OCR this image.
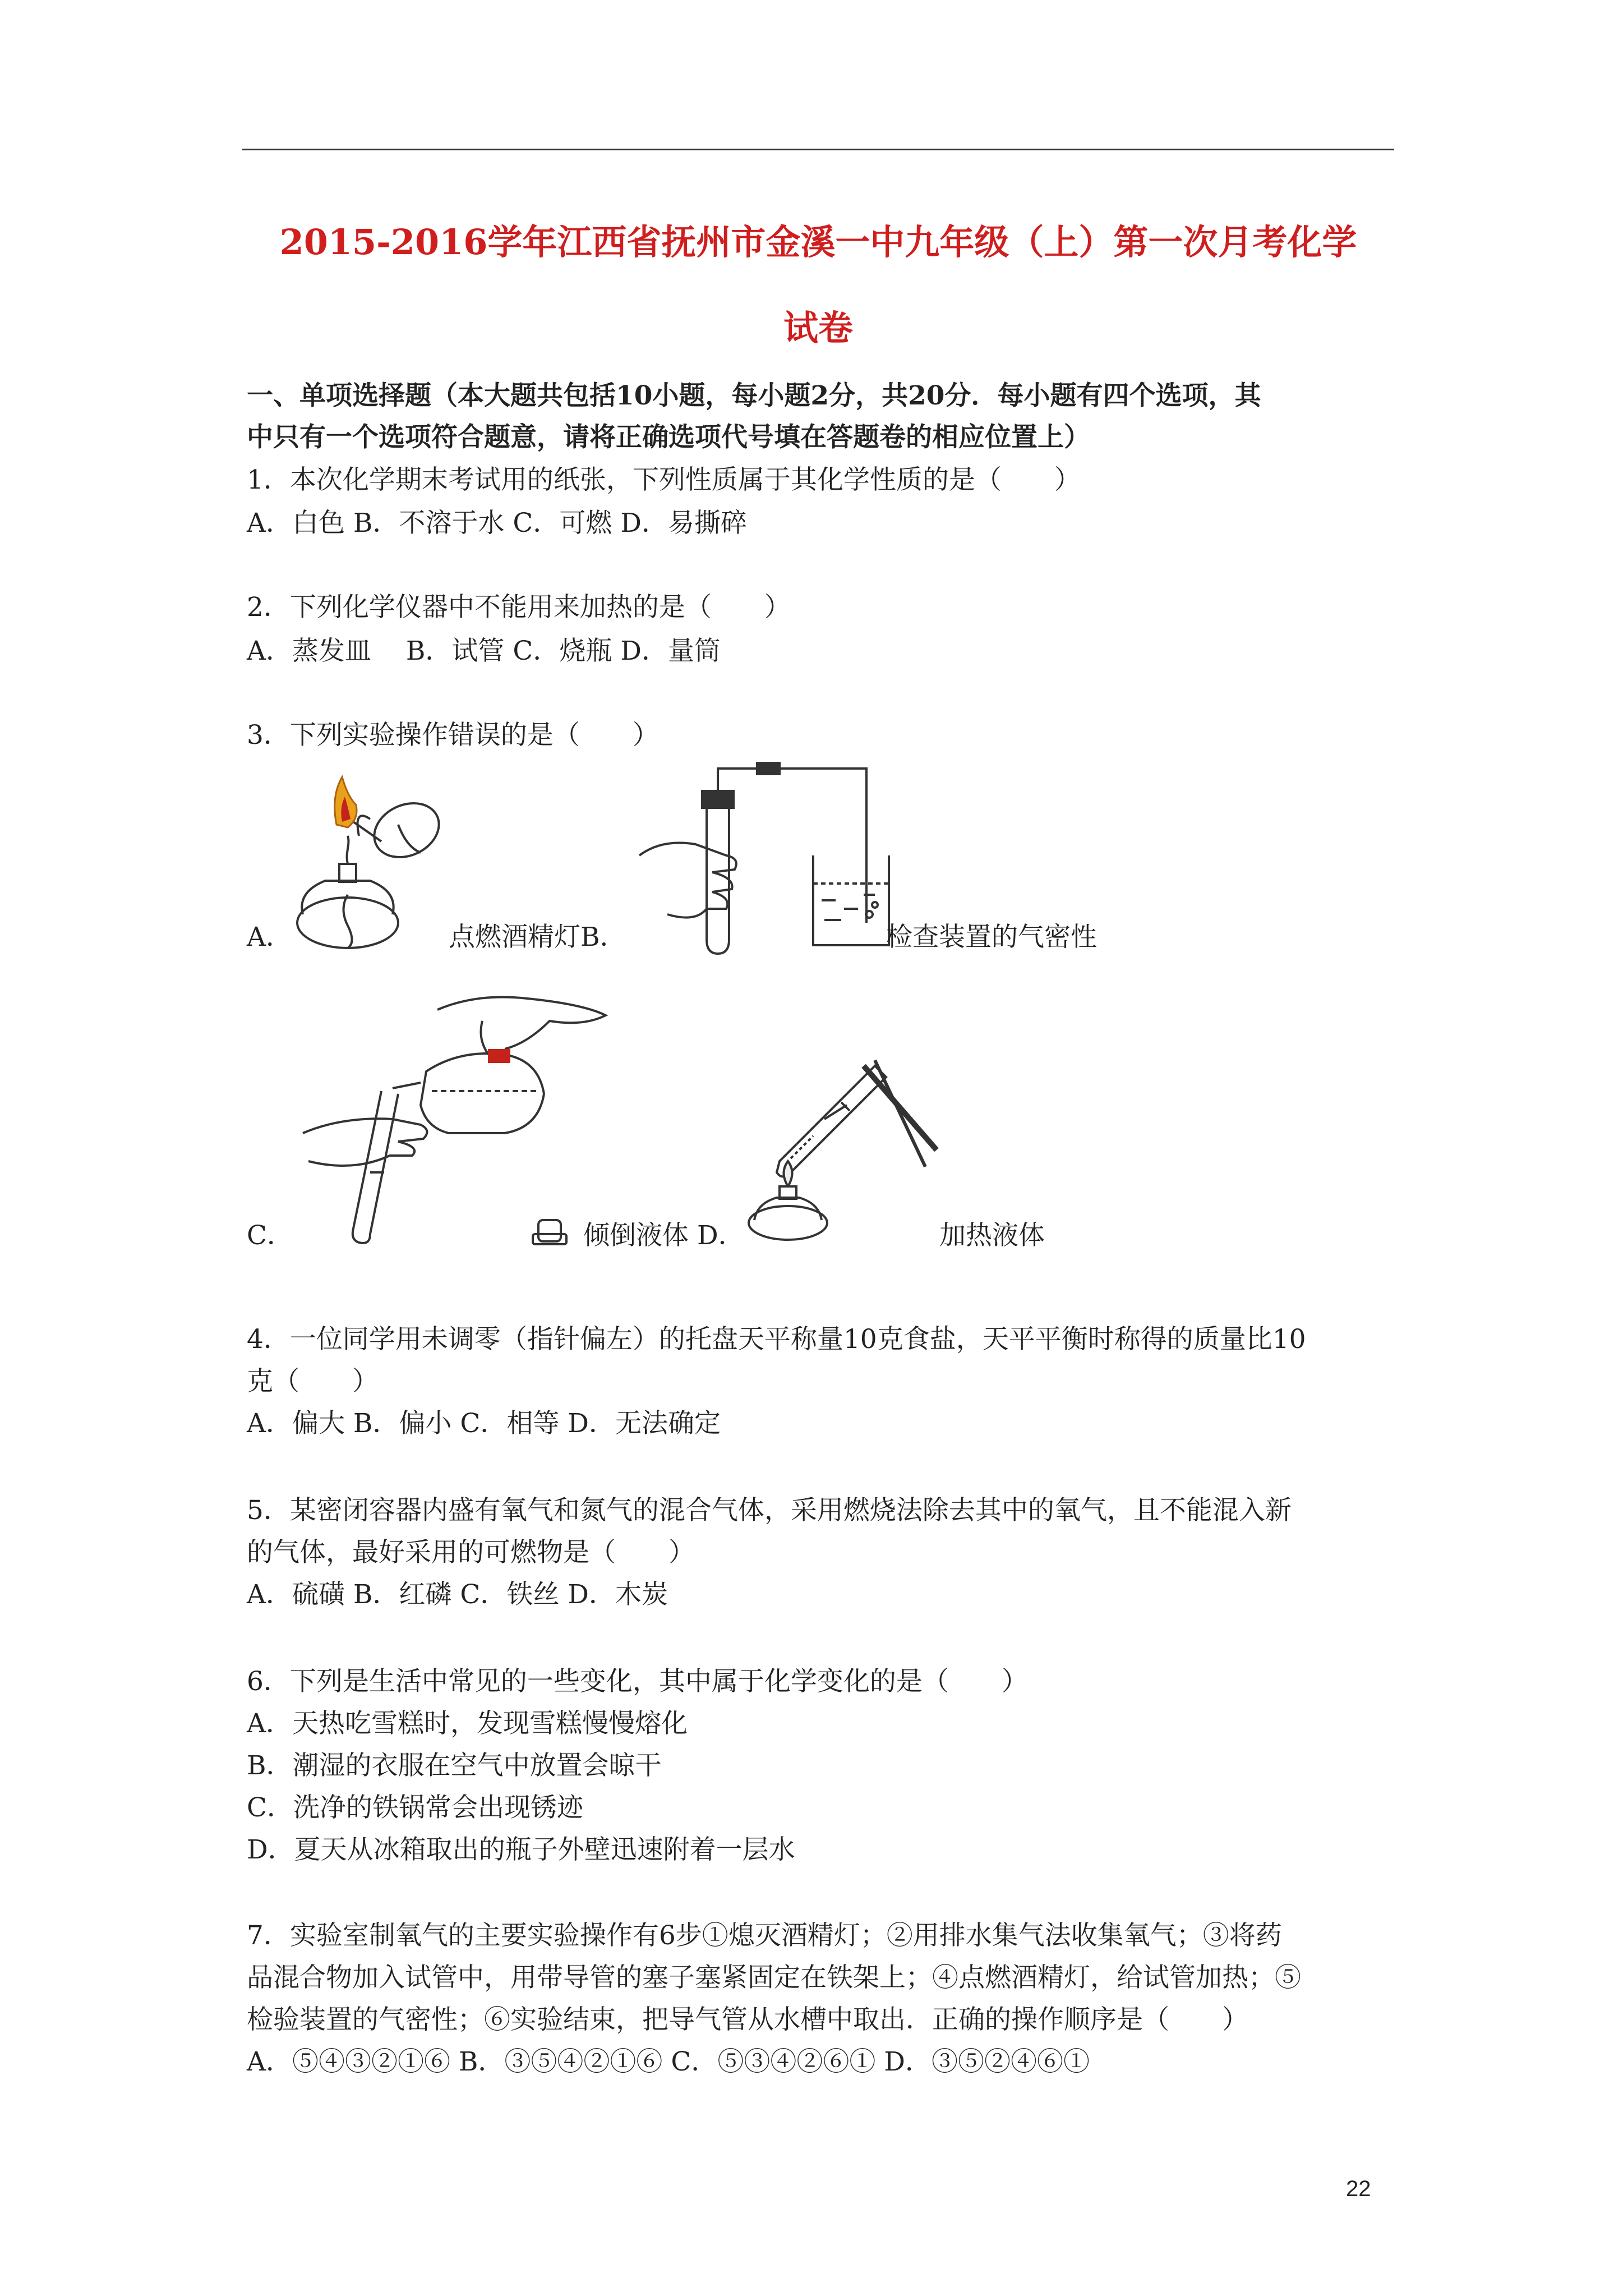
2015-2016学年江西省抚州市金溪一中九年级（上）第一次月考化学
试卷
一、单项选择题（本大题共包括10小题，每小题2分，共20分．每小题有四个选项，其
中只有一个选项符合题意，请将正确选项代号填在答题卷的相应位置上）
1．本次化学期末考试用的纸张，下列性质属于其化学性质的是（　　）
A．白色 B．不溶于水 C．可燃 D．易撕碎
2．下列化学仪器中不能用来加热的是（　　）
A．蒸发皿　 B．试管 C．烧瓶 D．量筒
3．下列实验操作错误的是（　　）
A．	点燃酒精灯B．	检查装置的气密性
C．	倾倒液体 D．	加热液体
4．一位同学用未调零（指针偏左）的托盘天平称量10克食盐，天平平衡时称得的质量比10
克（　　）
A．偏大 B．偏小 C．相等 D．无法确定
5．某密闭容器内盛有氧气和氮气的混合气体，采用燃烧法除去其中的氧气，且不能混入新
的气体，最好采用的可燃物是（　　）
A．硫磺 B．红磷 C．铁丝 D．木炭
6．下列是生活中常见的一些变化，其中属于化学变化的是（　　）
A．天热吃雪糕时，发现雪糕慢慢熔化
B．潮湿的衣服在空气中放置会晾干
C．洗净的铁锅常会出现锈迹
D．夏天从冰箱取出的瓶子外壁迅速附着一层水
7．实验室制氧气的主要实验操作有6步①熄灭酒精灯；②用排水集气法收集氧气；③将药
品混合物加入试管中，用带导管的塞子塞紧固定在铁架上；④点燃酒精灯，给试管加热；⑤
检验装置的气密性；⑥实验结束，把导气管从水槽中取出．正确的操作顺序是（　　）
A．⑤④③②①⑥ B．③⑤④②①⑥ C．⑤③④②⑥① D．③⑤②④⑥①
22
